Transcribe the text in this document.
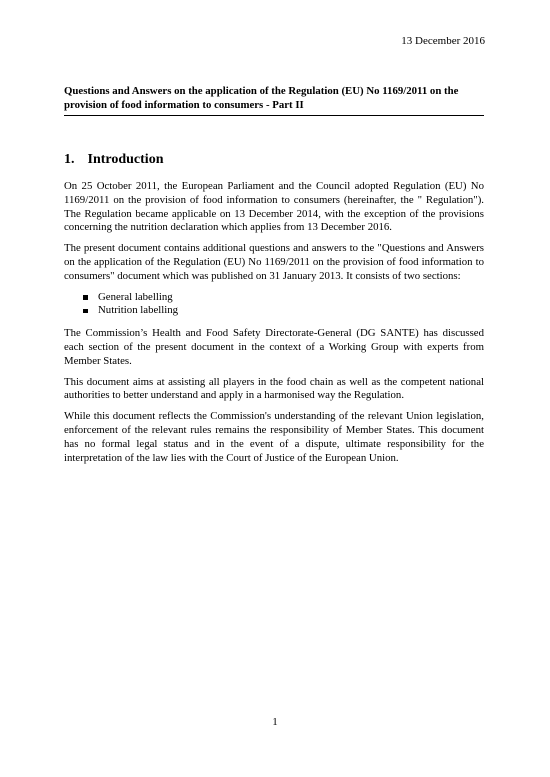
13 December 2016
Questions and Answers on the application of the Regulation (EU) No 1169/2011 on the provision of food information to consumers - Part II
1. Introduction

On 25 October 2011, the European Parliament and the Council adopted Regulation (EU) No 1169/2011 on the provision of food information to consumers (hereinafter, the " Regulation"). The Regulation became applicable on 13 December 2014, with the exception of the provisions concerning the nutrition declaration which applies from 13 December 2016.

The present document contains additional questions and answers to the "Questions and Answers on the application of the Regulation (EU) No 1169/2011 on the provision of food information to consumers" document which was published on 31 January 2013. It consists of two sections:

General labelling
Nutrition labelling

The Commission’s Health and Food Safety Directorate-General (DG SANTE) has discussed each section of the present document in the context of a Working Group with experts from Member States.

This document aims at assisting all players in the food chain as well as the competent national authorities to better understand and apply in a harmonised way the Regulation.

While this document reflects the Commission's understanding of the relevant Union legislation, enforcement of the relevant rules remains the responsibility of Member States. This document has no formal legal status and in the event of a dispute, ultimate responsibility for the interpretation of the law lies with the Court of Justice of the European Union.

1
